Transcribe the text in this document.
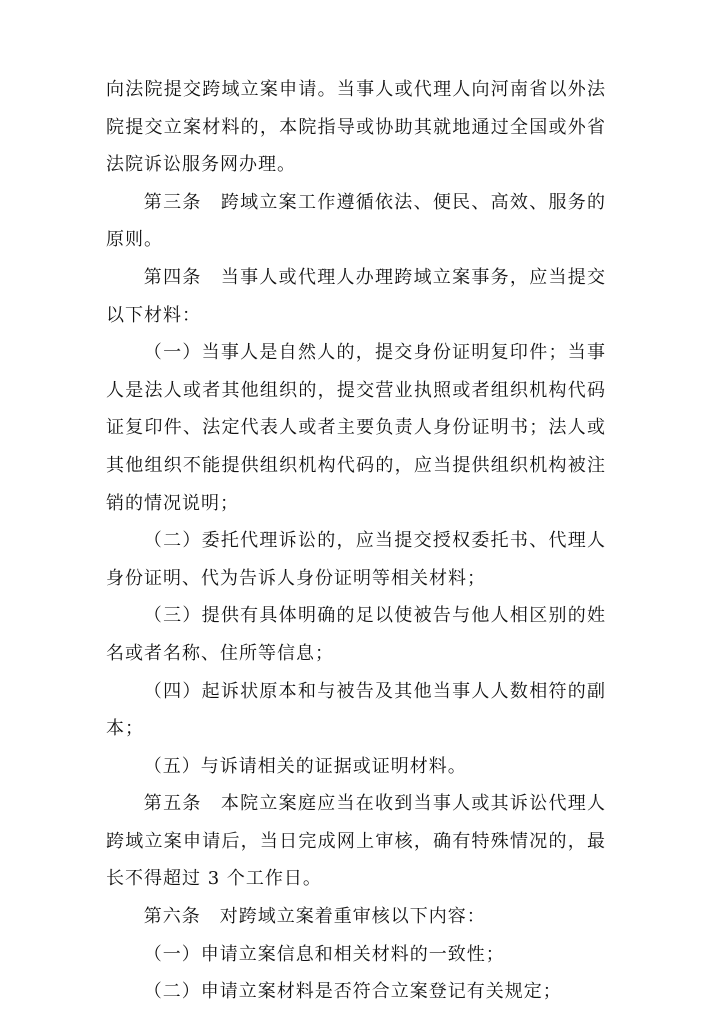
向法院提交跨域立案申请。当事人或代理人向河南省以外法院提交立案材料的，本院指导或协助其就地通过全国或外省法院诉讼服务网办理。

第三条　跨域立案工作遵循依法、便民、高效、服务的原则。

第四条　当事人或代理人办理跨域立案事务，应当提交以下材料：

（一）当事人是自然人的，提交身份证明复印件；当事人是法人或者其他组织的，提交营业执照或者组织机构代码证复印件、法定代表人或者主要负责人身份证明书；法人或其他组织不能提供组织机构代码的，应当提供组织机构被注销的情况说明；

（二）委托代理诉讼的，应当提交授权委托书、代理人身份证明、代为告诉人身份证明等相关材料；

（三）提供有具体明确的足以使被告与他人相区别的姓名或者名称、住所等信息；

（四）起诉状原本和与被告及其他当事人人数相符的副本；

（五）与诉请相关的证据或证明材料。

第五条　本院立案庭应当在收到当事人或其诉讼代理人跨域立案申请后，当日完成网上审核，确有特殊情况的，最长不得超过 3 个工作日。

第六条　对跨域立案着重审核以下内容：

（一）申请立案信息和相关材料的一致性；

（二）申请立案材料是否符合立案登记有关规定；
